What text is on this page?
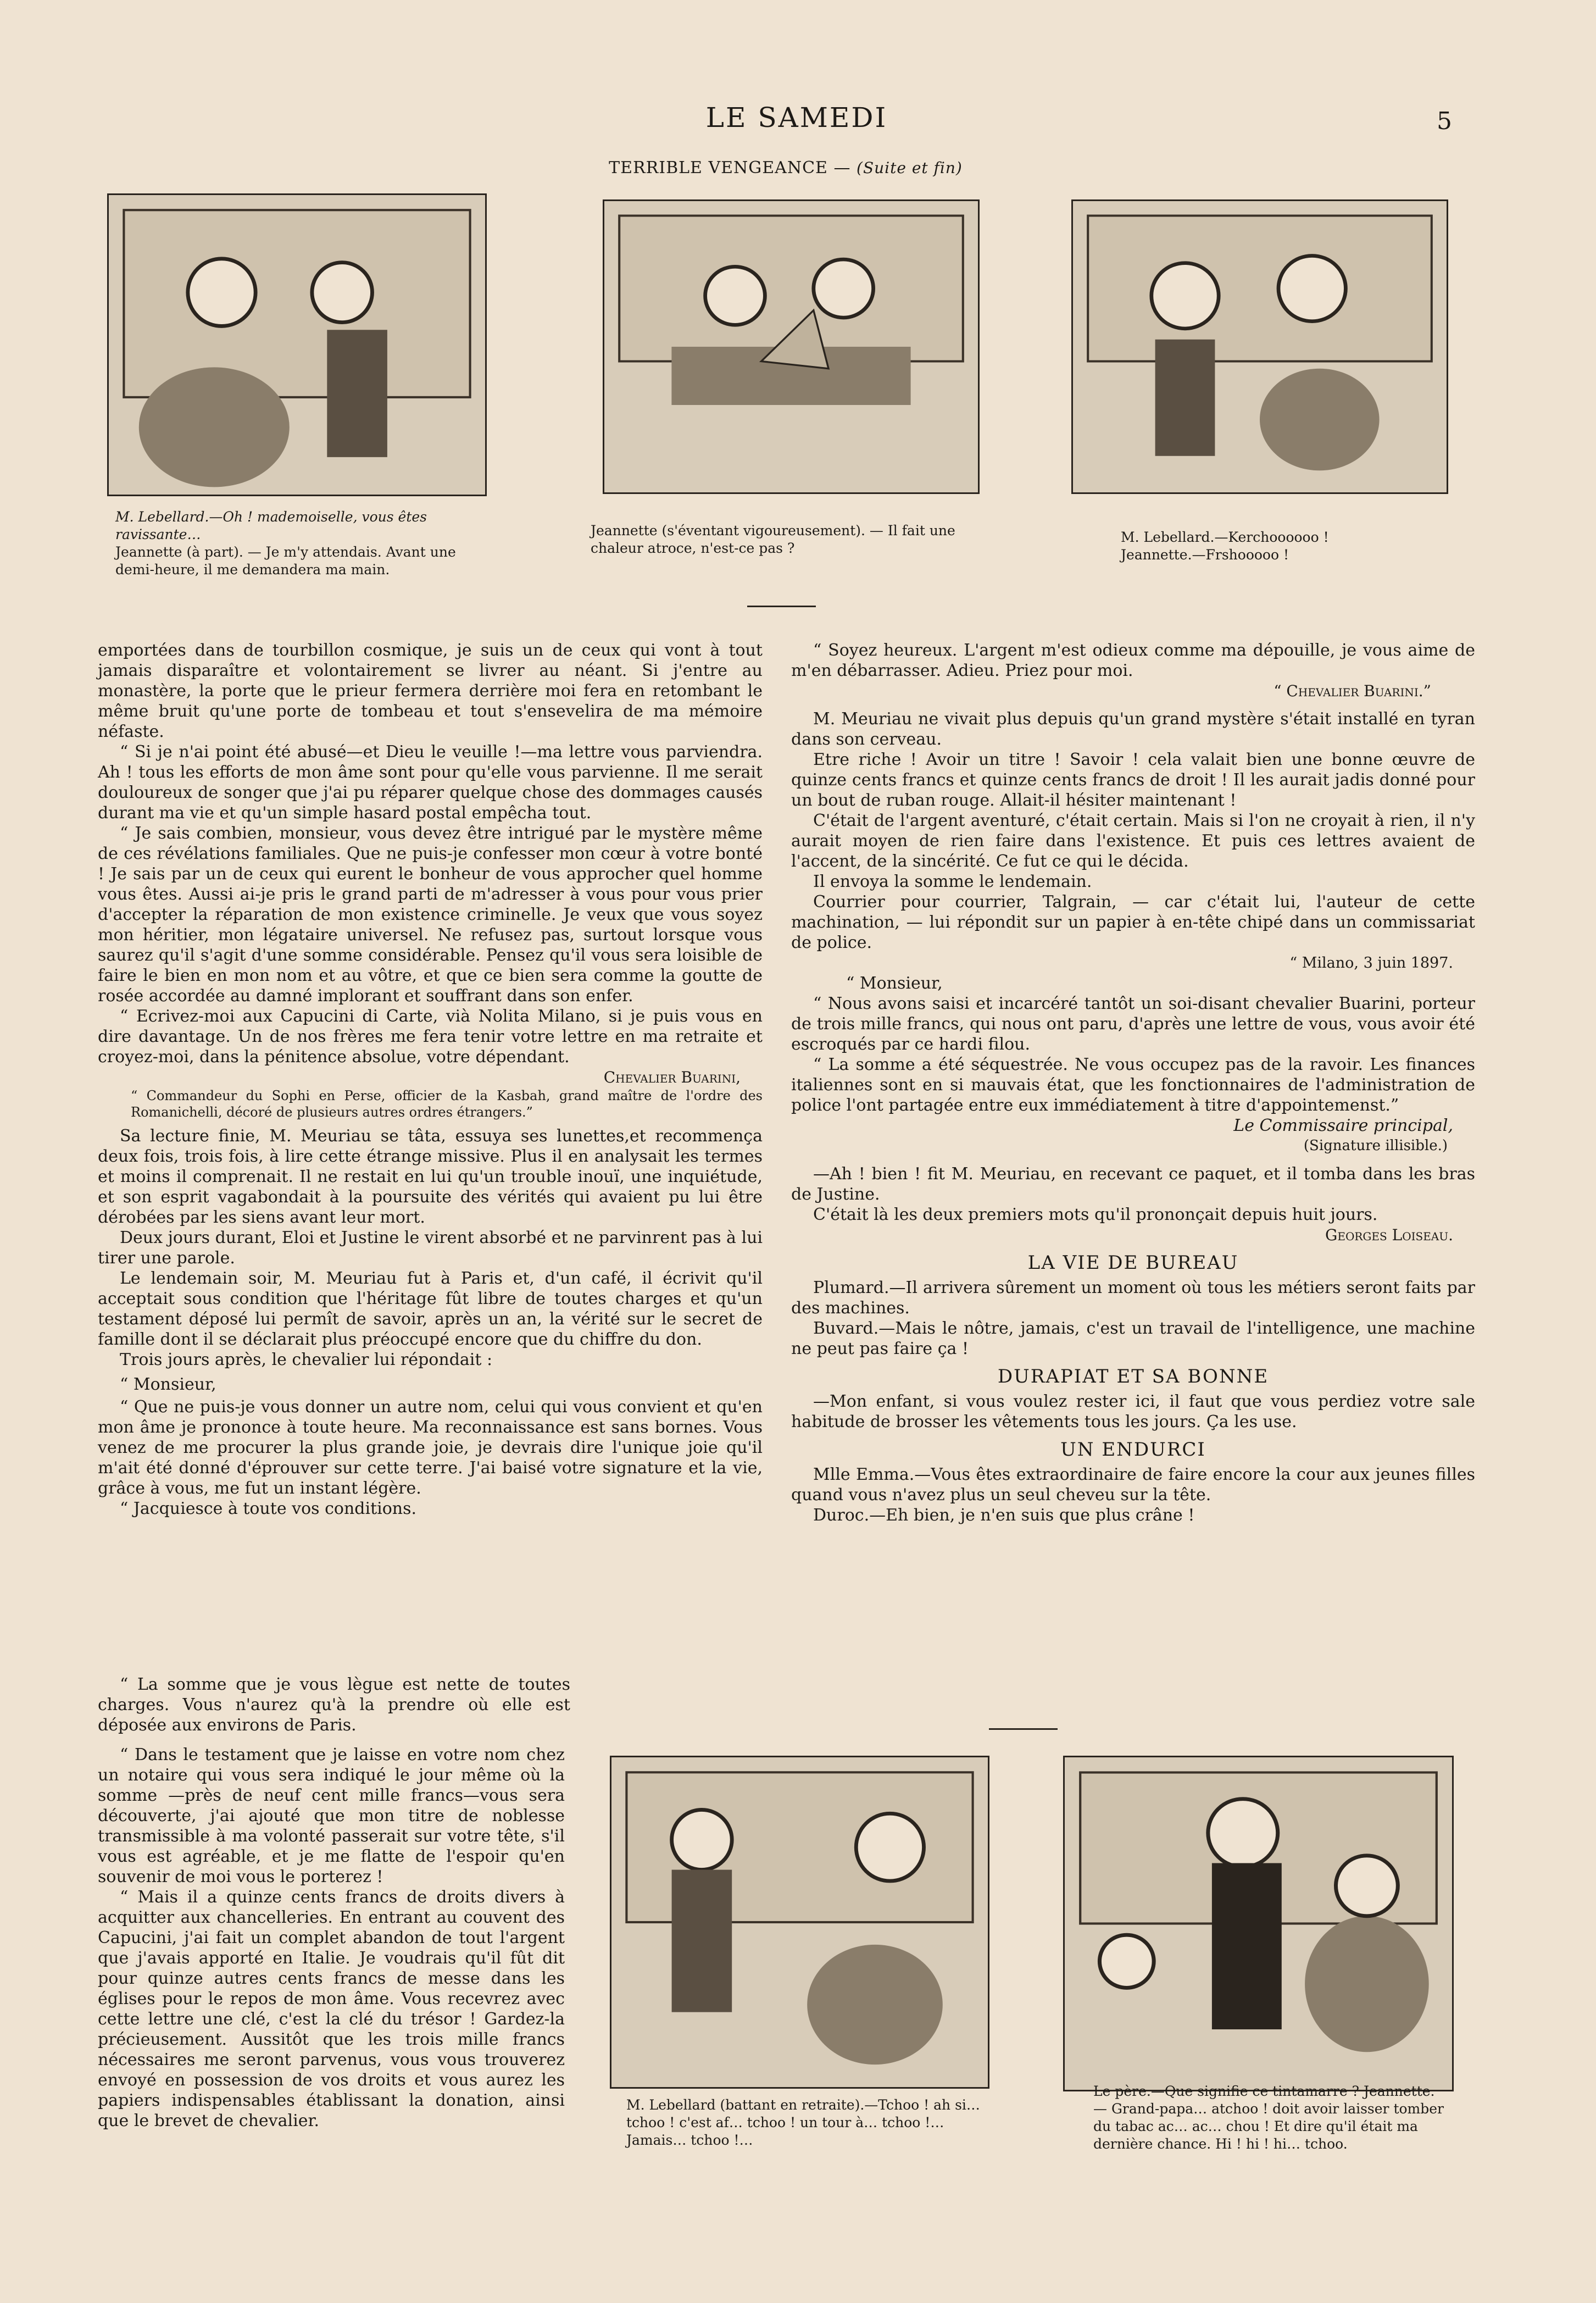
LE SAMEDI	5
TERRIBLE VENGEANCE — (Suite et fin)
M. Lebellard.—Oh ! mademoiselle, vous êtes ravissante…
Jeannette (à part). — Je m'y attendais. Avant une demi-heure, il me demandera ma main.
Jeannette (s'éventant vigoureusement). — Il fait une chaleur atroce, n'est-ce pas ?
M. Lebellard.—Kerchoooooo !
Jeannette.—Frshooooo !

emportées dans de tourbillon cosmique, je suis un de ceux qui vont à tout jamais disparaître et volontairement se livrer au néant. Si j'entre au monastère, la porte que le prieur fermera derrière moi fera en retombant le même bruit qu'une porte de tombeau et tout s'ensevelira de ma mémoire néfaste.

“ Si je n'ai point été abusé—et Dieu le veuille !—ma lettre vous parviendra. Ah ! tous les efforts de mon âme sont pour qu'elle vous parvienne. Il me serait douloureux de songer que j'ai pu réparer quelque chose des dommages causés durant ma vie et qu'un simple hasard postal empêcha tout.

“ Je sais combien, monsieur, vous devez être intrigué par le mystère même de ces révélations familiales. Que ne puis-je confesser mon cœur à votre bonté ! Je sais par un de ceux qui eurent le bonheur de vous approcher quel homme vous êtes. Aussi ai-je pris le grand parti de m'adresser à vous pour vous prier d'accepter la réparation de mon existence criminelle. Je veux que vous soyez mon héritier, mon légataire universel. Ne refusez pas, surtout lorsque vous saurez qu'il s'agit d'une somme considérable. Pensez qu'il vous sera loisible de faire le bien en mon nom et au vôtre, et que ce bien sera comme la goutte de rosée accordée au damné implorant et souffrant dans son enfer.

“ Ecrivez-moi aux Capucini di Carte, vià Nolita Milano, si je puis vous en dire davantage. Un de nos frères me fera tenir votre lettre en ma retraite et croyez-moi, dans la pénitence absolue, votre dépendant.

Chevalier Buarini,
“ Commandeur du Sophi en Perse, officier de la Kasbah, grand maître de l'ordre des Romanichelli, décoré de plusieurs autres ordres étrangers.”

Sa lecture finie, M. Meuriau se tâta, essuya ses lunettes,et recommença deux fois, trois fois, à lire cette étrange missive. Plus il en analysait les termes et moins il comprenait. Il ne restait en lui qu'un trouble inouï, une inquiétude, et son esprit vagabondait à la poursuite des vérités qui avaient pu lui être dérobées par les siens avant leur mort.

Deux jours durant, Eloi et Justine le virent absorbé et ne parvinrent pas à lui tirer une parole.

Le lendemain soir, M. Meuriau fut à Paris et, d'un café, il écrivit qu'il acceptait sous condition que l'héritage fût libre de toutes charges et qu'un testament déposé lui permît de savoir, après un an, la vérité sur le secret de famille dont il se déclarait plus préoccupé encore que du chiffre du don.

Trois jours après, le chevalier lui répondait :

“ Monsieur,

“ Que ne puis-je vous donner un autre nom, celui qui vous convient et qu'en mon âme je prononce à toute heure. Ma reconnaissance est sans bornes. Vous venez de me procurer la plus grande joie, je devrais dire l'unique joie qu'il m'ait été donné d'éprouver sur cette terre. J'ai baisé votre signature et la vie, grâce à vous, me fut un instant légère.

“ Jacquiesce à toute vos conditions.

“ La somme que je vous lègue est nette de toutes charges. Vous n'aurez qu'à la prendre où elle est déposée aux environs de Paris.

“ Dans le testament que je laisse en votre nom chez un notaire qui vous sera indiqué le jour même où la somme —près de neuf cent mille francs—vous sera découverte, j'ai ajouté que mon titre de noblesse transmissible à ma volonté passerait sur votre tête, s'il vous est agréable, et je me flatte de l'espoir qu'en souvenir de moi vous le porterez !

“ Mais il a quinze cents francs de droits divers à acquitter aux chancelleries. En entrant au couvent des Capucini, j'ai fait un complet abandon de tout l'argent que j'avais apporté en Italie. Je voudrais qu'il fût dit pour quinze autres cents francs de messe dans les églises pour le repos de mon âme. Vous recevrez avec cette lettre une clé, c'est la clé du trésor ! Gardez-la précieusement. Aussitôt que les trois mille francs nécessaires me seront parvenus, vous vous trouverez envoyé en possession de vos droits et vous aurez les papiers indispensables établissant la donation, ainsi que le brevet de chevalier.

“ Soyez heureux. L'argent m'est odieux comme ma dépouille, je vous aime de m'en débarrasser. Adieu. Priez pour moi.

“ Chevalier Buarini.”

M. Meuriau ne vivait plus depuis qu'un grand mystère s'était installé en tyran dans son cerveau.

Etre riche ! Avoir un titre ! Savoir ! cela valait bien une bonne œuvre de quinze cents francs et quinze cents francs de droit ! Il les aurait jadis donné pour un bout de ruban rouge. Allait-il hésiter maintenant !

C'était de l'argent aventuré, c'était certain. Mais si l'on ne croyait à rien, il n'y aurait moyen de rien faire dans l'existence. Et puis ces lettres avaient de l'accent, de la sincérité. Ce fut ce qui le décida.

Il envoya la somme le lendemain.

Courrier pour courrier, Talgrain, — car c'était lui, l'auteur de cette machination, — lui répondit sur un papier à en-tête chipé dans un commissariat de police.

“ Milano, 3 juin 1897.

“ Monsieur,

“ Nous avons saisi et incarcéré tantôt un soi-disant chevalier Buarini, porteur de trois mille francs, qui nous ont paru, d'après une lettre de vous, vous avoir été escroqués par ce hardi filou.

“ La somme a été séquestrée. Ne vous occupez pas de la ravoir. Les finances italiennes sont en si mauvais état, que les fonctionnaires de l'administration de police l'ont partagée entre eux immédiatement à titre d'appointemenst.”

Le Commissaire principal,
(Signature illisible.)

—Ah ! bien ! fit M. Meuriau, en recevant ce paquet, et il tomba dans les bras de Justine.

C'était là les deux premiers mots qu'il prononçait depuis huit jours.

Georges Loiseau.
LA VIE DE BUREAU

Plumard.—Il arrivera sûrement un moment où tous les métiers seront faits par des machines.

Buvard.—Mais le nôtre, jamais, c'est un travail de l'intelligence, une machine ne peut pas faire ça !

DURAPIAT ET SA BONNE

—Mon enfant, si vous voulez rester ici, il faut que vous perdiez votre sale habitude de brosser les vêtements tous les jours. Ça les use.

UN ENDURCI

Mlle Emma.—Vous êtes extraordinaire de faire encore la cour aux jeunes filles quand vous n'avez plus un seul cheveu sur la tête.

Duroc.—Eh bien, je n'en suis que plus crâne !

M. Lebellard (battant en retraite).—Tchoo ! ah si… tchoo ! c'est af… tchoo ! un tour à… tchoo !… Jamais… tchoo !…
Le père.—Que signifie ce tintamarre ? Jeannette. — Grand-papa… atchoo ! doit avoir laisser tomber du tabac ac… ac… chou ! Et dire qu'il était ma dernière chance. Hi ! hi ! hi… tchoo.
